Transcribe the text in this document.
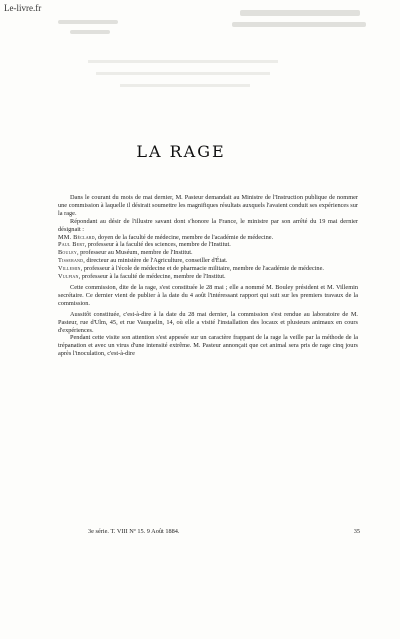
Le-livre.fr
LA RAGE

Dans le courant du mois de mai dernier, M. Pasteur demandait au Ministre de l'Instruction publique de nommer une commission à laquelle il désirait soumettre les magnifiques résultats auxquels l'avaient conduit ses expériences sur la rage.

Répondant au désir de l'illustre savant dont s'honore la France, le ministre par son arrêté du 19 mai dernier désignait :

MM. Béclard, doyen de la faculté de médecine, membre de l'académie de médecine.

Paul Bert, professeur à la faculté des sciences, membre de l'Institut.

Bouley, professeur au Muséum, membre de l'Institut.

Tisserand, directeur au ministère de l'Agriculture, conseiller d'État.

Villemin, professeur à l'école de médecine et de pharmacie militaire, membre de l'académie de médecine.

Vulpian, professeur à la faculté de médecine, membre de l'Institut.

Cette commission, dite de la rage, s'est constituée le 28 mai ; elle a nommé M. Bouley président et M. Villemin secrétaire. Ce dernier vient de publier à la date du 4 août l'intéressant rapport qui suit sur les premiers travaux de la commission.

Aussitôt constituée, c'est-à-dire à la date du 28 mai dernier, la commission s'est rendue au laboratoire de M. Pasteur, rue d'Ulm, 45, et rue Vauquelin, 14, où elle a visité l'installation des locaux et plusieurs animaux en cours d'expériences.

Pendant cette visite son attention s'est appesée sur un caractère frappant de la rage la veille par la méthode de la trépanation et avec un virus d'une intensité extrême. M. Pasteur annonçait que cet animal sera pris de rage cinq jours après l'inoculation, c'est-à-dire

3e série. T. VIII Nº 15. 9 Août 1884.	35
